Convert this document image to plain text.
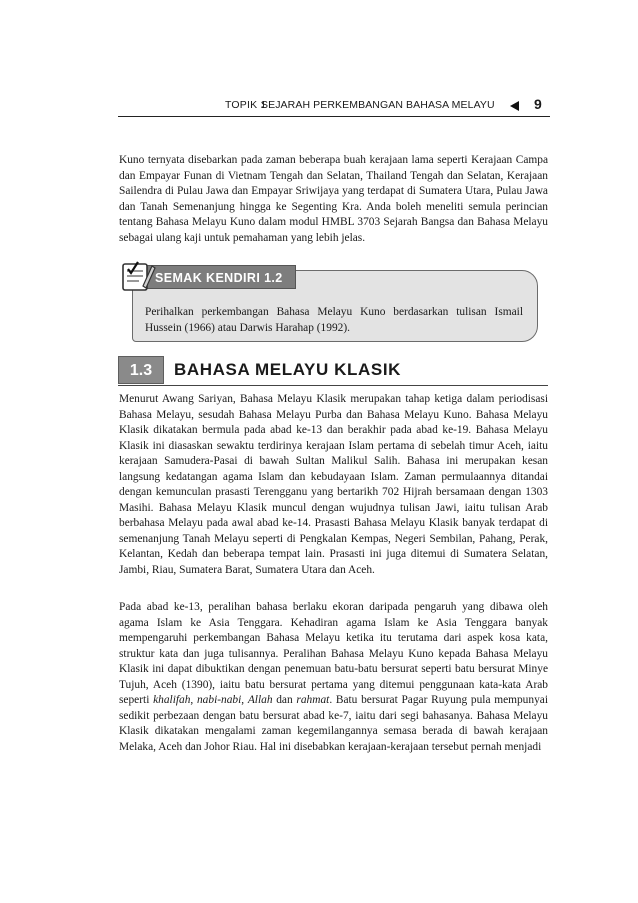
TOPIK 1
SEJARAH PERKEMBANGAN BAHASA MELAYU	9

Kuno ternyata disebarkan pada zaman beberapa buah kerajaan lama seperti Kerajaan Campa dan Empayar Funan di Vietnam Tengah dan Selatan, Thailand Tengah dan Selatan, Kerajaan Sailendra di Pulau Jawa dan Empayar Sriwijaya yang terdapat di Sumatera Utara, Pulau Jawa dan Tanah Semenanjung hingga ke Segenting Kra. Anda boleh meneliti semula perincian tentang Bahasa Melayu Kuno dalam modul HMBL 3703 Sejarah Bangsa dan Bahasa Melayu sebagai ulang kaji untuk pemahaman yang lebih jelas.

SEMAK KENDIRI 1.2

Perihalkan perkembangan Bahasa Melayu Kuno berdasarkan tulisan Ismail Hussein (1966) atau Darwis Harahap (1992).

1.3	BAHASA MELAYU KLASIK

Menurut Awang Sariyan, Bahasa Melayu Klasik merupakan tahap ketiga dalam periodisasi Bahasa Melayu, sesudah Bahasa Melayu Purba dan Bahasa Melayu Kuno. Bahasa Melayu Klasik dikatakan bermula pada abad ke-13 dan berakhir pada abad ke-19. Bahasa Melayu Klasik ini diasaskan sewaktu terdirinya kerajaan Islam pertama di sebelah timur Aceh, iaitu kerajaan Samudera-Pasai di bawah Sultan Malikul Salih. Bahasa ini merupakan kesan langsung kedatangan agama Islam dan kebudayaan Islam. Zaman permulaannya ditandai dengan kemunculan prasasti Terengganu yang bertarikh 702 Hijrah bersamaan dengan 1303 Masihi. Bahasa Melayu Klasik muncul dengan wujudnya tulisan Jawi, iaitu tulisan Arab berbahasa Melayu pada awal abad ke-14. Prasasti Bahasa Melayu Klasik banyak terdapat di semenanjung Tanah Melayu seperti di Pengkalan Kempas, Negeri Sembilan, Pahang, Perak, Kelantan, Kedah dan beberapa tempat lain. Prasasti ini juga ditemui di Sumatera Selatan, Jambi, Riau, Sumatera Barat, Sumatera Utara dan Aceh.

Pada abad ke-13, peralihan bahasa berlaku ekoran daripada pengaruh yang dibawa oleh agama Islam ke Asia Tenggara. Kehadiran agama Islam ke Asia Tenggara banyak mempengaruhi perkembangan Bahasa Melayu ketika itu terutama dari aspek kosa kata, struktur kata dan juga tulisannya. Peralihan Bahasa Melayu Kuno kepada Bahasa Melayu Klasik ini dapat dibuktikan dengan penemuan batu-batu bersurat seperti batu bersurat Minye Tujuh, Aceh (1390), iaitu batu bersurat pertama yang ditemui penggunaan kata-kata Arab seperti khalifah, nabi-nabi, Allah dan rahmat. Batu bersurat Pagar Ruyung pula mempunyai sedikit perbezaan dengan batu bersurat abad ke-7, iaitu dari segi bahasanya. Bahasa Melayu Klasik dikatakan mengalami zaman kegemilangannya semasa berada di bawah kerajaan Melaka, Aceh dan Johor Riau. Hal ini disebabkan kerajaan-kerajaan tersebut pernah menjadi
